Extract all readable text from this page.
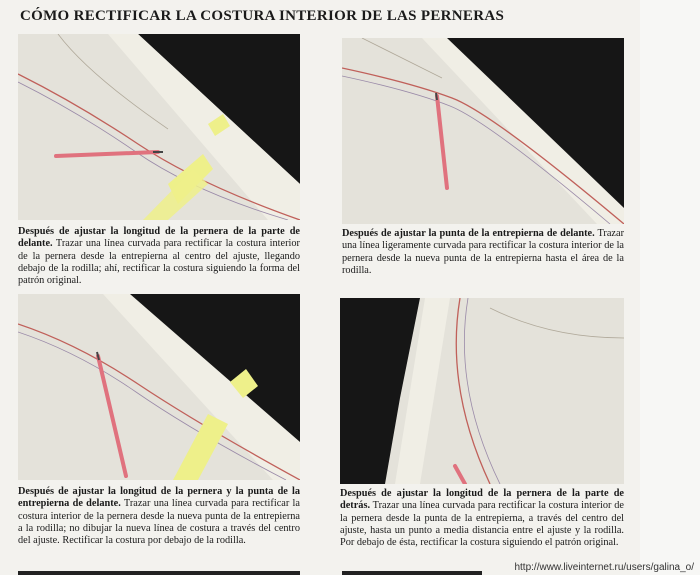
CÓMO RECTIFICAR LA COSTURA INTERIOR DE LAS PERNERAS

Después de ajustar la longitud de la pernera de la parte de delante. Trazar una línea curvada para rectificar la costura interior de la pernera desde la entrepierna al centro del ajuste, llegando debajo de la rodilla; ahí, rectificar la costura siguiendo la forma del patrón original.

Después de ajustar la punta de la entrepierna de delante. Trazar una línea ligeramente curvada para rectificar la costura interior de la pernera desde la nueva punta de la entrepierna hasta el área de la rodilla.

Después de ajustar la longitud de la pernera y la punta de la entrepierna de delante. Trazar una línea curvada para rectificar la costura interior de la pernera desde la nueva punta de la entrepierna a la rodilla; no dibujar la nueva línea de costura a través del centro del ajuste. Rectificar la costura por debajo de la rodilla.

Después de ajustar la longitud de la pernera de la parte de detrás. Trazar una línea curvada para rectificar la costura interior de la pernera desde la punta de la entrepierna, a través del centro del ajuste, hasta un punto a media distancia entre el ajuste y la rodilla. Por debajo de ésta, rectificar la costura siguiendo el patrón original.

http://www.liveinternet.ru/users/galina_o/
